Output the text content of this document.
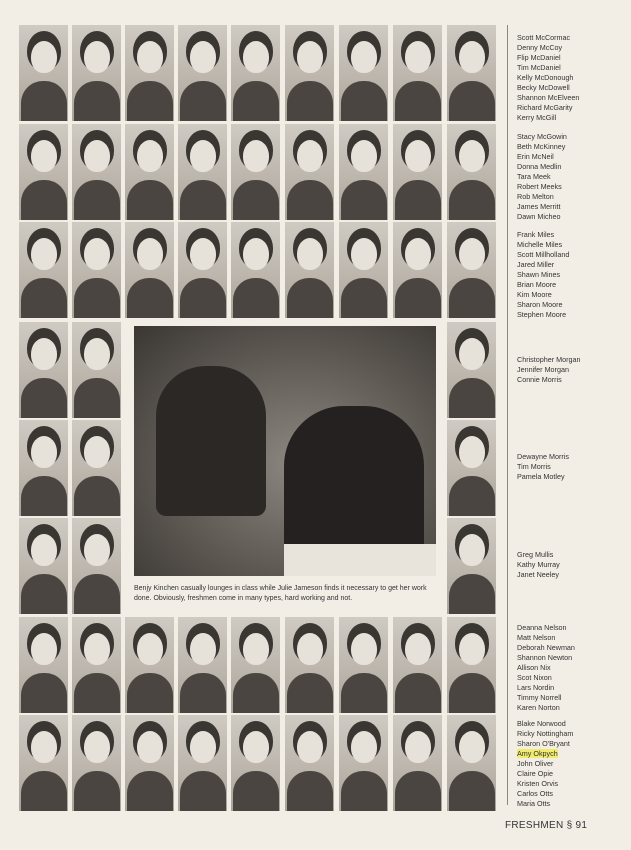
Benjy Kinchen casually lounges in class while Julie Jameson finds it necessary to get her work done. Obviously, freshmen come in many types, hard working and not.
Scott McCormac
Denny McCoy
Flip McDaniel
Tim McDaniel
Kelly McDonough
Becky McDowell
Shannon McElveen
Richard McGarity
Kerry McGill
Stacy McGowin
Beth McKinney
Erin McNeil
Donna Medlin
Tara Meek
Robert Meeks
Rob Melton
James Merritt
Dawn Micheo
Frank Miles
Michelle Miles
Scott Millholland
Jared Miller
Shawn Mines
Brian Moore
Kim Moore
Sharon Moore
Stephen Moore
Christopher Morgan
Jennifer Morgan
Connie Morris
Dewayne Morris
Tim Morris
Pamela Motley
Greg Mullis
Kathy Murray
Janet Neeley
Deanna Nelson
Matt Nelson
Deborah Newman
Shannon Newton
Allison Nix
Scot Nixon
Lars Nordin
Timmy Norrell
Karen Norton
Blake Norwood
Ricky Nottingham
Sharon O'Bryant
Amy Okpych
John Oliver
Claire Opie
Kristen Orvis
Carlos Otts
Maria Otts
FRESHMEN § 91
